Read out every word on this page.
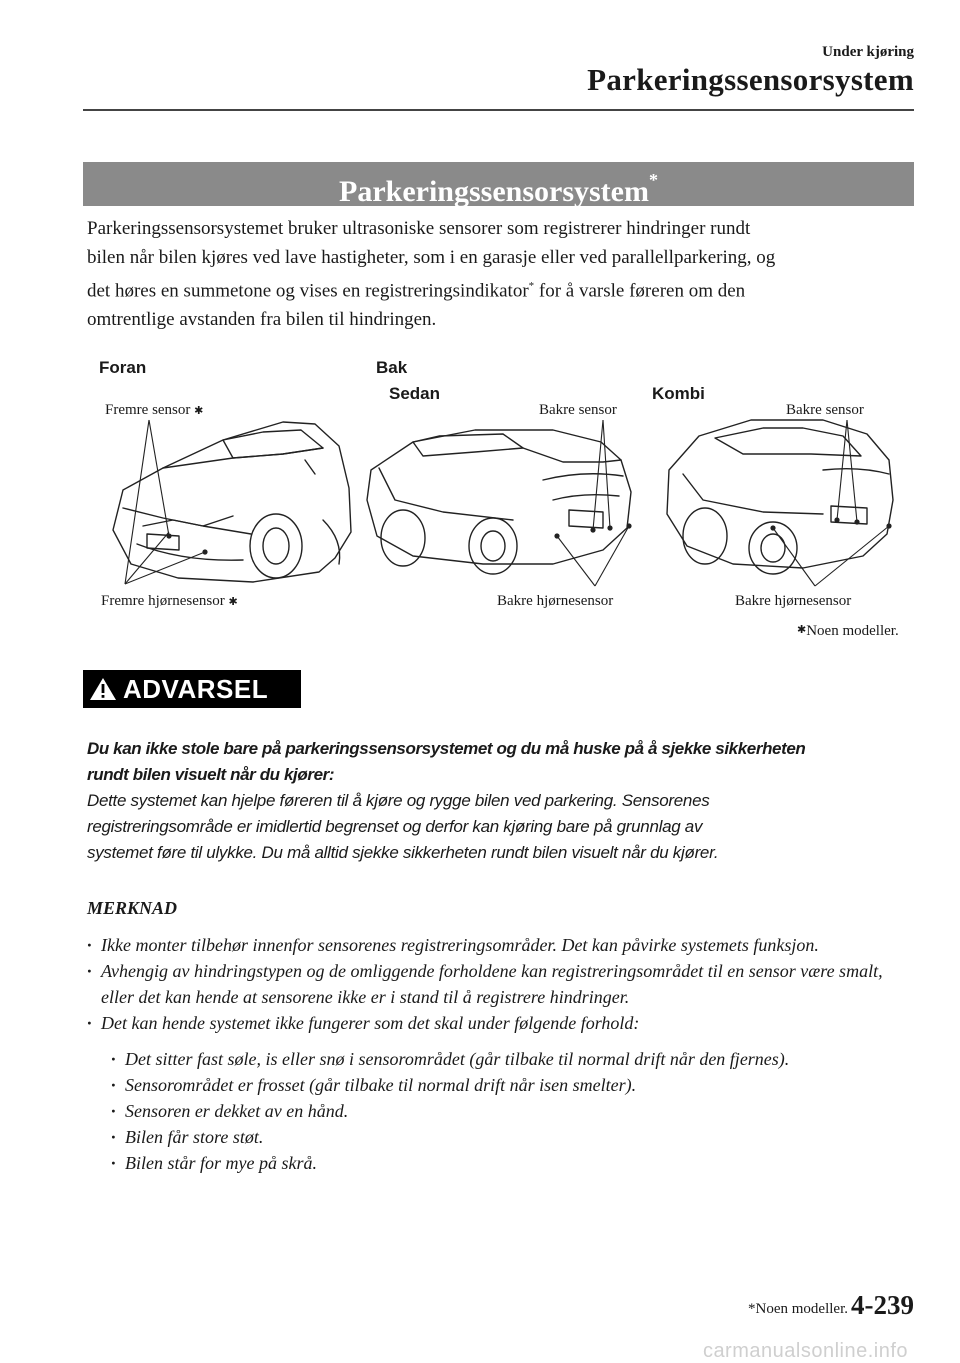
Under kjøring
Parkeringssensorsystem
Parkeringssensorsystem*
Parkeringssensorsystemet bruker ultrasoniske sensorer som registrerer hindringer rundt
bilen når bilen kjøres ved lave hastigheter, som i en garasje eller ved parallellparkering, og
det høres en summetone og vises en registreringsindikator* for å varsle føreren om den
omtrentlige avstanden fra bilen til hindringen.
Foran	Bak
Sedan	Kombi
Fremre sensor ✱	Bakre sensor	Bakre sensor
Fremre hjørnesensor ✱	Bakre hjørnesensor	Bakre hjørnesensor
✱Noen modeller.
ADVARSEL
Du kan ikke stole bare på parkeringssensorsystemet og du må huske på å sjekke sikkerheten
rundt bilen visuelt når du kjører:
Dette systemet kan hjelpe føreren til å kjøre og rygge bilen ved parkering. Sensorenes
registreringsområde er imidlertid begrenset og derfor kan kjøring bare på grunnlag av
systemet føre til ulykke. Du må alltid sjekke sikkerheten rundt bilen visuelt når du kjører.
MERKNAD
· Ikke monter tilbehør innenfor sensorenes registreringsområder. Det kan påvirke systemets funksjon.
· Avhengig av hindringstypen og de omliggende forholdene kan registreringsområdet til en sensor være smalt, eller det kan hende at sensorene ikke er i stand til å registrere hindringer.
· Det kan hende systemet ikke fungerer som det skal under følgende forhold:
· Det sitter fast søle, is eller snø i sensorområdet (går tilbake til normal drift når den fjernes).
· Sensorområdet er frosset (går tilbake til normal drift når isen smelter).
· Sensoren er dekket av en hånd.
· Bilen får store støt.
· Bilen står for mye på skrå.
*Noen modeller. 4-239
carmanualsonline.info
